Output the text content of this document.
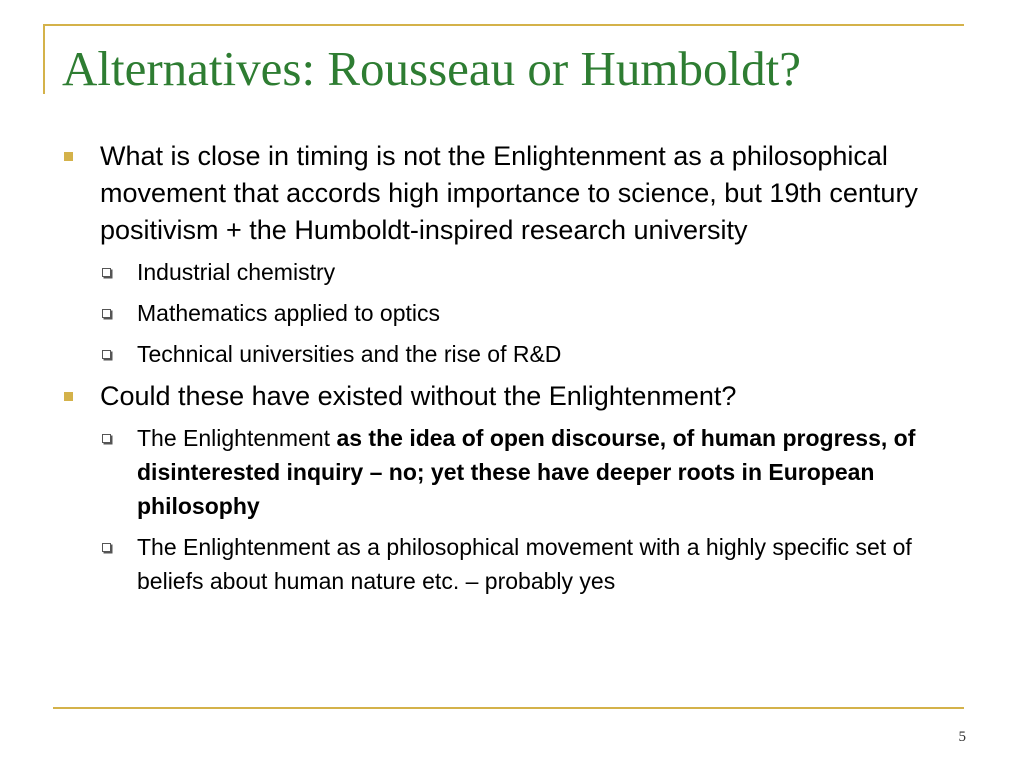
Alternatives: Rousseau or Humboldt?
What is close in timing is not the Enlightenment as a philosophical movement that accords high importance to science, but 19th century positivism + the Humboldt-inspired research university
Industrial chemistry
Mathematics applied to optics
Technical universities and the rise of R&D
Could these have existed without the Enlightenment?
The Enlightenment as the idea of open discourse, of human progress, of disinterested inquiry – no; yet these have deeper roots in European philosophy
The Enlightenment as a philosophical movement with a highly specific set of beliefs about human nature etc. – probably yes
5
